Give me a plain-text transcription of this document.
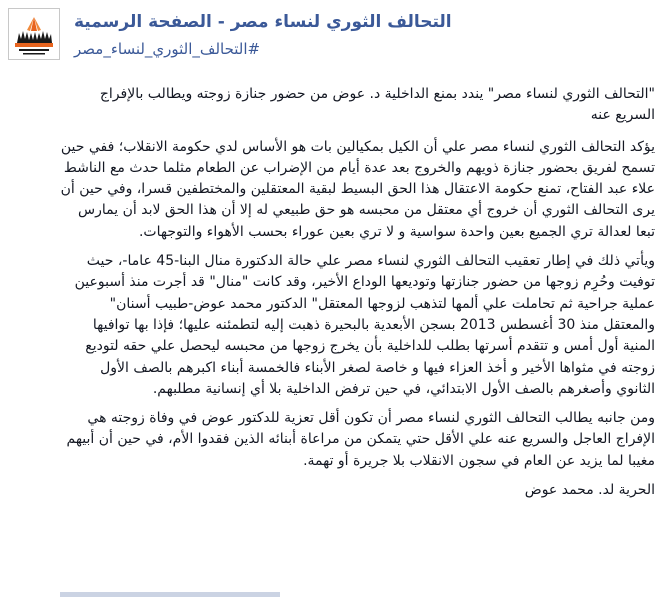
التحالف الثوري لنساء مصر - الصفحة الرسمية
#التحالف_الثوري_لنساء_مصر

"التحالف الثوري لنساء مصر" يندد بمنع الداخلية د. عوض من حضور جنازة زوجته ويطالب بالإفراج السريع عنه

يؤكد التحالف الثوري لنساء مصر علي أن الكيل بمكيالين بات هو الأساس لدي حكومة الانقلاب؛ ففي حين تسمح لفريق بحضور جنازة ذويهم والخروج بعد عدة أيام من الإضراب عن الطعام مثلما حدث مع الناشط علاء عبد الفتاح، تمنع حكومة الاعتقال هذا الحق البسيط لبقية المعتقلين والمختطفين قسرا، وفي حين أن يرى التحالف الثوري أن خروج أي معتقل من محبسه هو حق طبيعي له إلا أن هذا الحق لابد أن يمارس تبعا لعدالة تري الجميع بعين واحدة سواسية و لا تري بعين عوراء بحسب الأهواء والتوجهات.

ويأتي ذلك في إطار تعقيب التحالف الثوري لنساء مصر علي حالة الدكتورة منال البنا-45 عاما-، حيث توفيت وحُرِم زوجها من حضور جنازتها وتوديعها الوداع الأخير، وقد كانت "منال" قد أجرت منذ أسبوعين عملية جراحية ثم تحاملت علي ألمها لتذهب لزوجها المعتقل" الدكتور محمد عوض-طبيب أسنان" والمعتقل منذ 30 أغسطس 2013 بسجن الأبعدية بالبحيرة ذهبت إليه لتطمئنه عليها؛ فإذا بها توافيها المنية أول أمس و تتقدم أسرتها بطلب للداخلية بأن يخرج زوجها من محبسه ليحصل علي حقه لتوديع زوجته في مثواها الأخير و أخذ العزاء فيها و خاصة لصغر الأبناء فالخمسة أبناء اكبرهم بالصف الأول الثانوي وأصغرهم بالصف الأول الابتدائي، في حين ترفض الداخلية بلا أي إنسانية مطلبهم.

ومن جانبه يطالب التحالف الثوري لنساء مصر أن تكون أقل تعزية للدكتور عوض في وفاة زوجته هي الإفراج العاجل والسريع عنه علي الأقل حتي يتمكن من مراعاة أبنائه الذين فقدوا الأم، في حين أن أبيهم مغيبا لما يزيد عن العام في سجون الانقلاب بلا جريرة أو تهمة.

الحرية لد. محمد عوض
